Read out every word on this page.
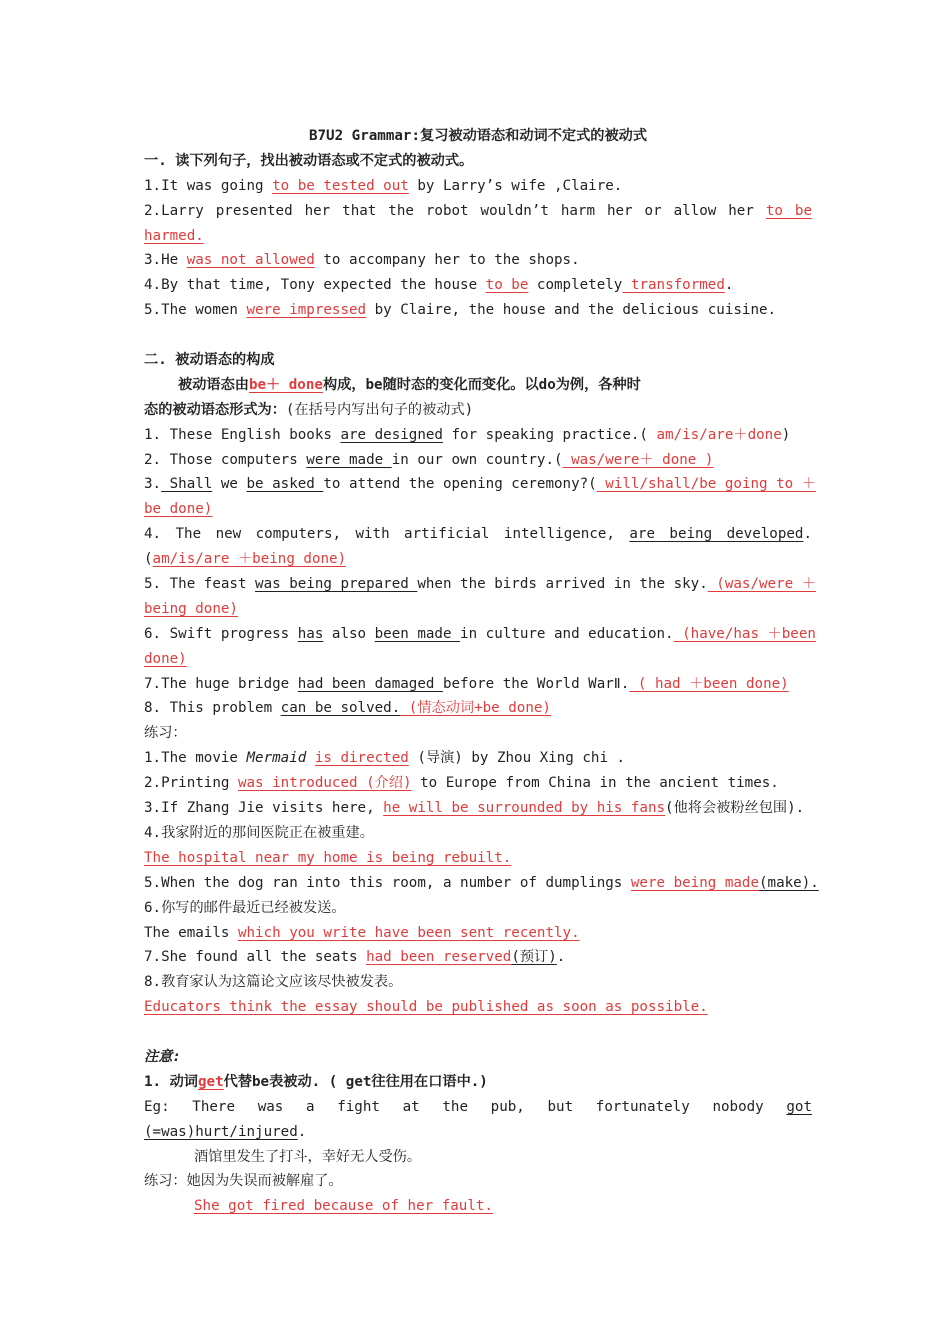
B7U2 Grammar:复习被动语态和动词不定式的被动式
一. 读下列句子，找出被动语态或不定式的被动式。
1.It was going to be tested out by Larry’s wife ,Claire.
2.Larry presented her that the robot wouldn’t harm her or allow her to be
harmed.
3.He was not allowed to accompany her to the shops.
4.By that time, Tony expected the house to be completely transformed.
5.The women were impressed by Claire, the house and the delicious cuisine.
二. 被动语态的构成
被动语态由be＋ done构成，be随时态的变化而变化。以do为例，各种时
态的被动语态形式为：(在括号内写出句子的被动式)
1. These English books are designed for speaking practice.( am/is/are＋done)
2. Those computers were made in our own country.( was/were＋ done )
3. Shall we be asked to attend the opening ceremony?( will/shall/be going to ＋
be done)
4. The new computers, with artificial intelligence, are being developed.
(am/is/are ＋being done)
5. The feast was being prepared when the birds arrived in the sky. (was/were ＋
being done)
6. Swift progress has also been made in culture and education. (have/has ＋been
done)
7.The huge bridge had been damaged before the World WarⅡ. ( had ＋been done)
8. This problem can be solved. (情态动词+be done)
练习：
1.The movie Mermaid is directed (导演) by Zhou Xing chi .
2.Printing was introduced (介绍) to Europe from China in the ancient times.
3.If Zhang Jie visits here, he will be surrounded by his fans(他将会被粉丝包围).
4.我家附近的那间医院正在被重建。
The hospital near my home is being rebuilt.
5.When the dog ran into this room, a number of dumplings were being made(make).
6.你写的邮件最近已经被发送。
The emails which you write have been sent recently.
7.She found all the seats had been reserved(预订).
8.教育家认为这篇论文应该尽快被发表。
Educators think the essay should be published as soon as possible.
注意:
1. 动词get代替be表被动. ( get往往用在口语中.)
Eg: There was a fight at the pub, but fortunately nobody got
(=was)hurt/injured.
酒馆里发生了打斗，幸好无人受伤。
练习：她因为失误而被解雇了。
She got fired because of her fault.
